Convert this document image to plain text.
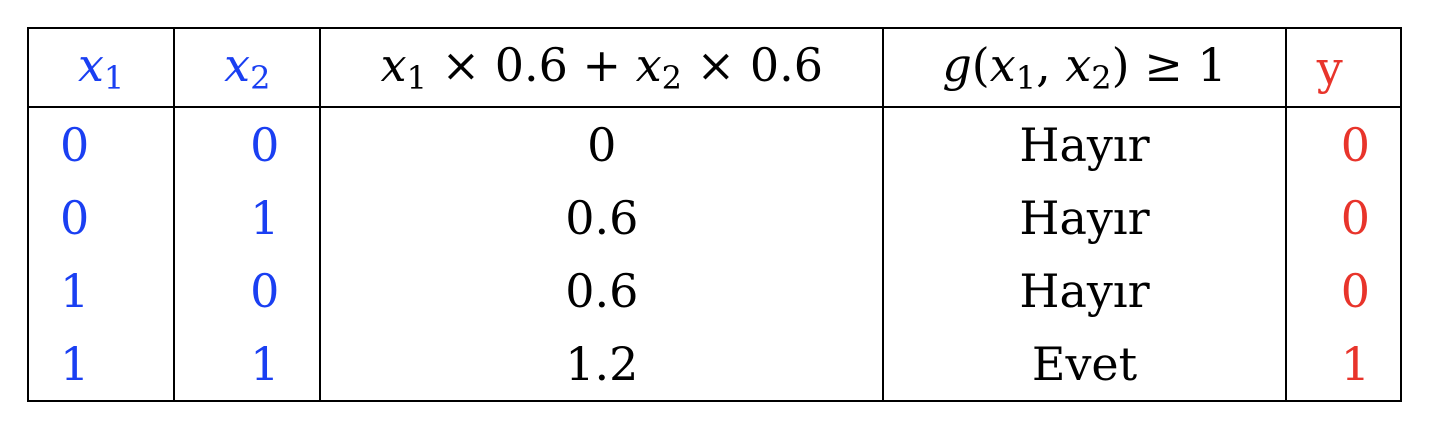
$x_1$	$x_2$	$x_1 \times 0.6 + x_2 \times 0.6$	$g(x_1$, $x_2) \ge 1$	y
0	0	0	Hayır	0
0	1	0.6	Hayır	0
1	0	0.6	Hayır	0
1	1	1.2	Evet	1
